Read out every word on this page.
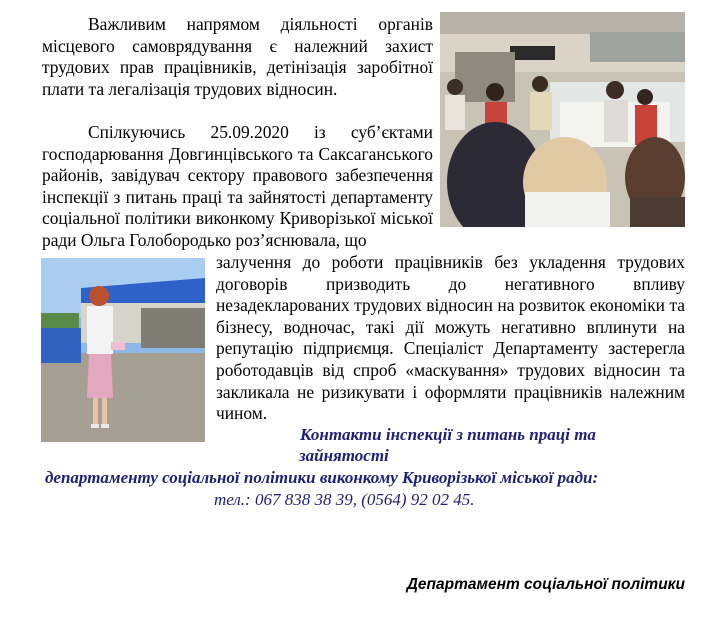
Важливим напрямом діяльності органів місцевого самоврядування є належний захист трудових прав працівників, детінізація заробітної плати та легалізація трудових відносин.

Спілкуючись 25.09.2020 із суб’єктами господарювання Довгинцівського та Саксаганського районів, завідувач сектору правового забезпечення інспекції з питань праці та зайнятості департаменту соціальної політики виконкому Криворізької міської ради Ольга Голобородько роз’яснювала, що

залучення до роботи працівників без укладення трудових договорів призводить до негативного впливу незадекларованих трудових відносин на розвиток економіки та бізнесу, водночас, такі дії можуть негативно вплинути на репутацію підприємця. Спеціаліст Департаменту застерегла роботодавців від спроб «маскування» трудових відносин та закликала не ризикувати і оформляти працівників належним чином.

Контакти інспекції з питань праці та
зайнятості
департаменту соціальної політики виконкому Криворізької міської ради:
тел.: 067 838 38 39, (0564) 92 02 45.
Департамент соціальної політики
